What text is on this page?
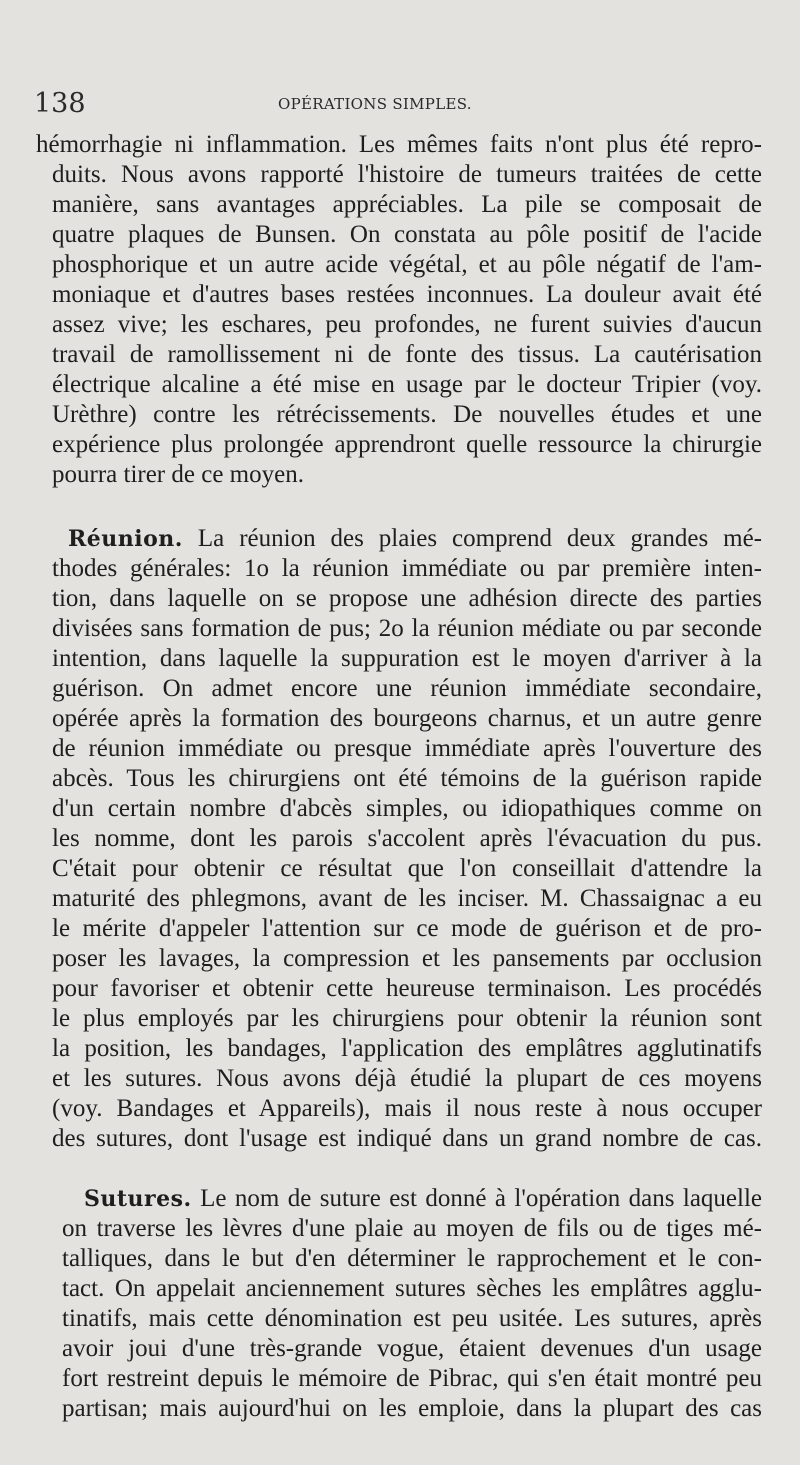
138	OPÉRATIONS SIMPLES.
hémorrhagie ni inflammation. Les mêmes faits n'ont plus été repro-
duits. Nous avons rapporté l'histoire de tumeurs traitées de cette
manière, sans avantages appréciables. La pile se composait de
quatre plaques de Bunsen. On constata au pôle positif de l'acide
phosphorique et un autre acide végétal, et au pôle négatif de l'am-
moniaque et d'autres bases restées inconnues. La douleur avait été
assez vive; les eschares, peu profondes, ne furent suivies d'aucun
travail de ramollissement ni de fonte des tissus. La cautérisation
électrique alcaline a été mise en usage par le docteur Tripier (voy.
Urèthre) contre les rétrécissements. De nouvelles études et une
expérience plus prolongée apprendront quelle ressource la chirurgie
pourra tirer de ce moyen.
Réunion. La réunion des plaies comprend deux grandes mé-
thodes générales: 1o la réunion immédiate ou par première inten-
tion, dans laquelle on se propose une adhésion directe des parties
divisées sans formation de pus; 2o la réunion médiate ou par seconde
intention, dans laquelle la suppuration est le moyen d'arriver à la
guérison. On admet encore une réunion immédiate secondaire,
opérée après la formation des bourgeons charnus, et un autre genre
de réunion immédiate ou presque immédiate après l'ouverture des
abcès. Tous les chirurgiens ont été témoins de la guérison rapide
d'un certain nombre d'abcès simples, ou idiopathiques comme on
les nomme, dont les parois s'accolent après l'évacuation du pus.
C'était pour obtenir ce résultat que l'on conseillait d'attendre la
maturité des phlegmons, avant de les inciser. M. Chassaignac a eu
le mérite d'appeler l'attention sur ce mode de guérison et de pro-
poser les lavages, la compression et les pansements par occlusion
pour favoriser et obtenir cette heureuse terminaison. Les procédés
le plus employés par les chirurgiens pour obtenir la réunion sont
la position, les bandages, l'application des emplâtres agglutinatifs
et les sutures. Nous avons déjà étudié la plupart de ces moyens
(voy. Bandages et Appareils), mais il nous reste à nous occuper
des sutures, dont l'usage est indiqué dans un grand nombre de cas.
Sutures. Le nom de suture est donné à l'opération dans laquelle
on traverse les lèvres d'une plaie au moyen de fils ou de tiges mé-
talliques, dans le but d'en déterminer le rapprochement et le con-
tact. On appelait anciennement sutures sèches les emplâtres agglu-
tinatifs, mais cette dénomination est peu usitée. Les sutures, après
avoir joui d'une très-grande vogue, étaient devenues d'un usage
fort restreint depuis le mémoire de Pibrac, qui s'en était montré peu
partisan; mais aujourd'hui on les emploie, dans la plupart des cas
